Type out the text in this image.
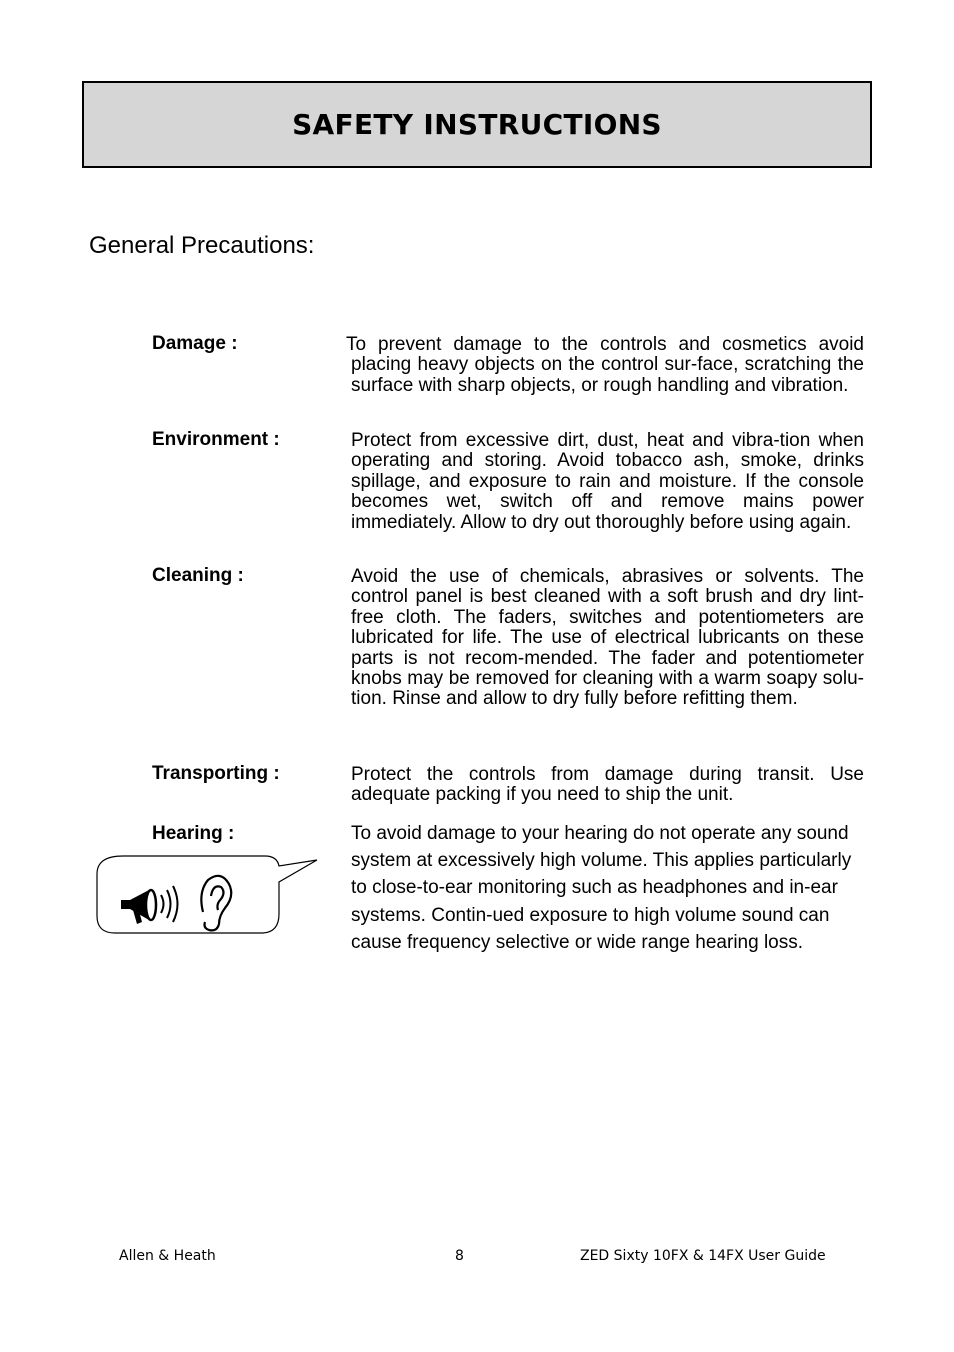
SAFETY INSTRUCTIONS
General Precautions:
Damage :	To prevent damage to the controls and cosmetics avoid placing heavy objects on the control sur-face, scratching the surface with sharp objects, or rough handling and vibration.

Environment :	Protect from excessive dirt, dust, heat and vibra-tion when operating and storing. Avoid tobacco ash, smoke, drinks spillage, and exposure to rain and moisture. If the console becomes wet, switch off and remove mains power immediately. Allow to dry out thoroughly before using again.

Cleaning :	Avoid the use of chemicals, abrasives or solvents. The control panel is best cleaned with a soft brush and dry lint-free cloth. The faders, switches and potentiometers are lubricated for life. The use of electrical lubricants on these parts is not recom-mended. The fader and potentiometer knobs may be removed for cleaning with a warm soapy solu-tion. Rinse and allow to dry fully before refitting them.

Transporting :	Protect the controls from damage during transit. Use adequate packing if you need to ship the unit.

Hearing :	To avoid damage to your hearing do not operate any sound system at excessively high volume. This applies particularly to close-to-ear monitoring such as headphones and in-ear systems. Contin-ued exposure to high volume sound can cause frequency selective or wide range hearing loss.

Allen & Heath	8	ZED Sixty 10FX & 14FX User Guide
